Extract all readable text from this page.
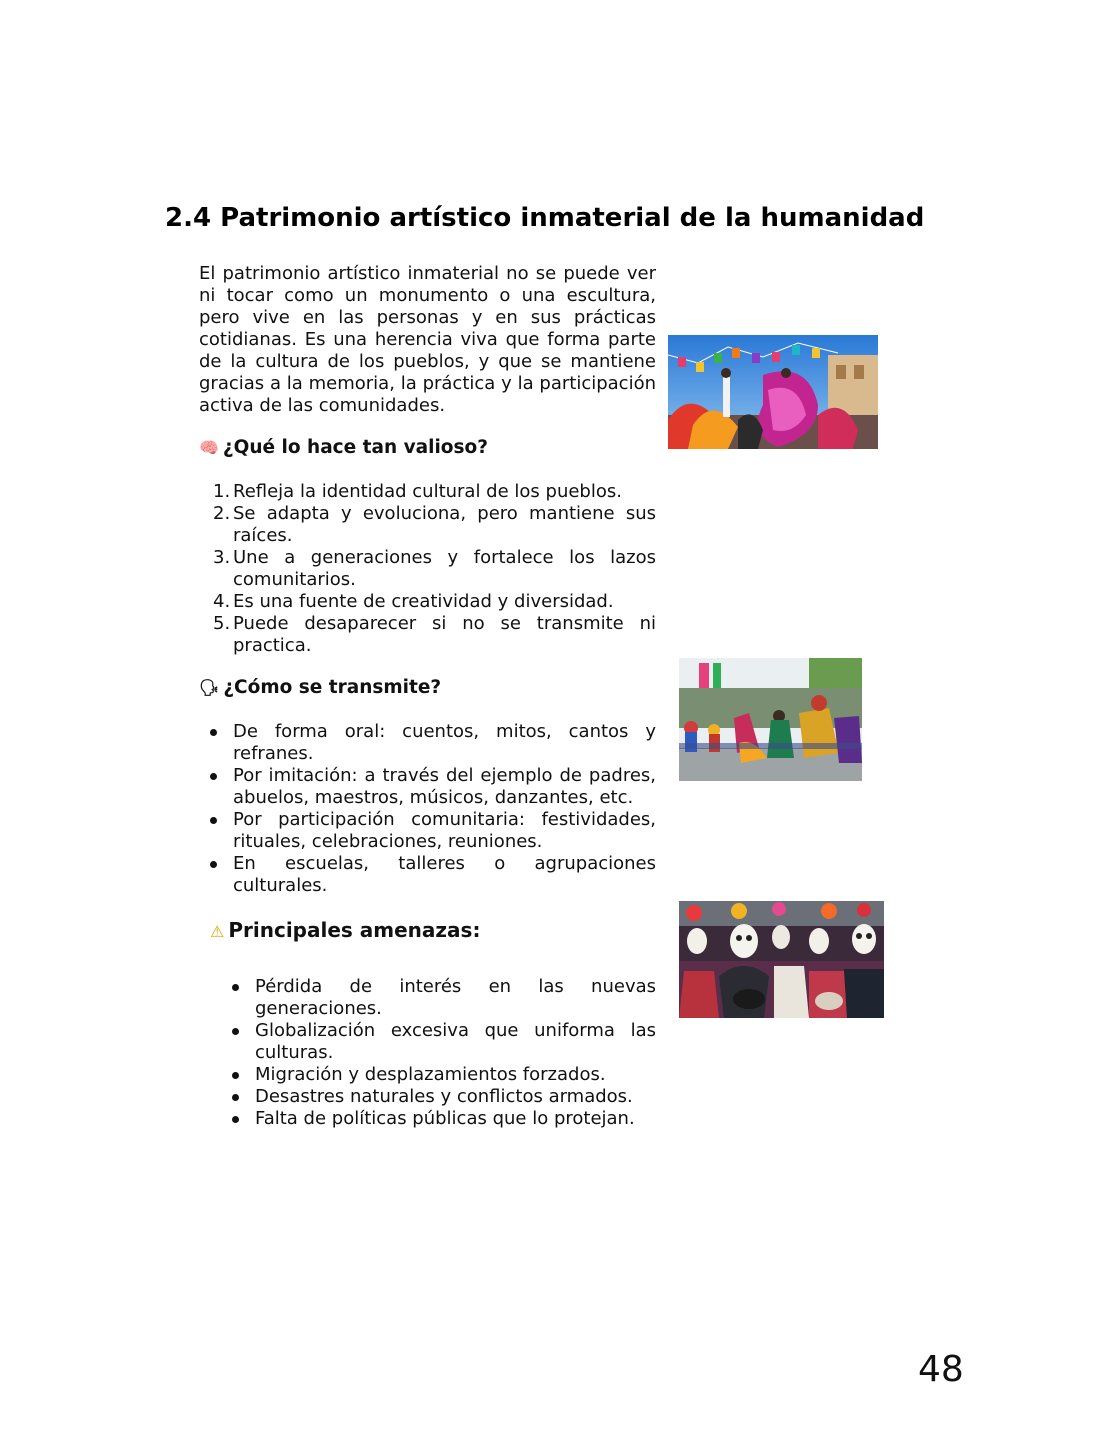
2.4 Patrimonio artístico inmaterial de la humanidad

El patrimonio artístico inmaterial no se puede ver ni tocar como un monumento o una escultura, pero vive en las personas y en sus prácticas cotidianas. Es una herencia viva que forma parte de la cultura de los pueblos, y que se mantiene gracias a la memoria, la práctica y la participación activa de las comunidades.

🧠 ¿Qué lo hace tan valioso?
1. Refleja la identidad cultural de los pueblos.
2. Se adapta y evoluciona, pero mantiene sus raíces.
3. Une a generaciones y fortalece los lazos comunitarios.
4. Es una fuente de creatividad y diversidad.
5. Puede desaparecer si no se transmite ni practica.
🗣 ¿Cómo se transmite?
De forma oral: cuentos, mitos, cantos y refranes.
Por imitación: a través del ejemplo de padres, abuelos, maestros, músicos, danzantes, etc.
Por participación comunitaria: festividades, rituales, celebraciones, reuniones.
En escuelas, talleres o agrupaciones culturales.
⚠ Principales amenazas:
Pérdida de interés en las nuevas generaciones.
Globalización excesiva que uniforma las culturas.
Migración y desplazamientos forzados.
Desastres naturales y conflictos armados.
Falta de políticas públicas que lo protejan.
48
